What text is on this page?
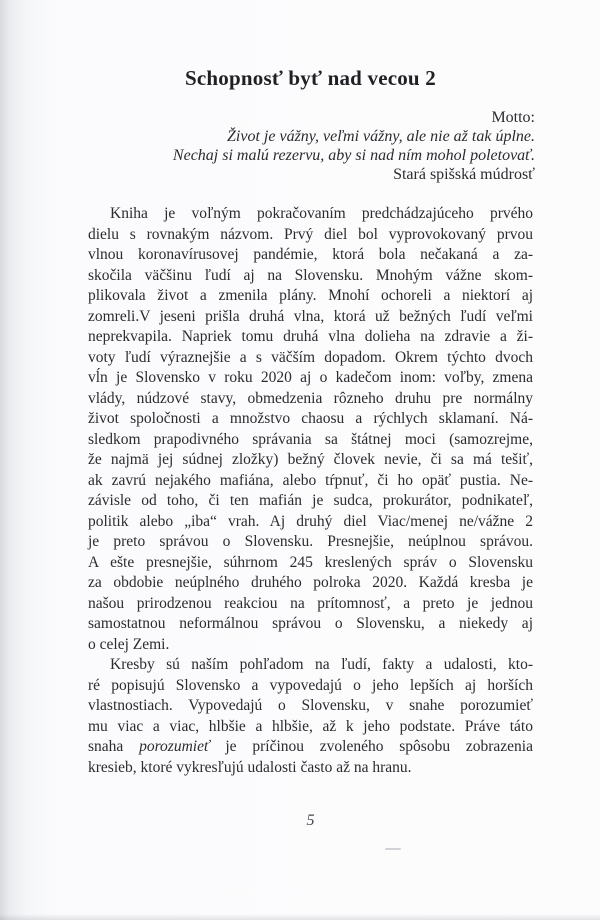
Schopnosť byť nad vecou 2
Motto:
Život je vážny, veľmi vážny, ale nie až tak úplne.
Nechaj si malú rezervu, aby si nad ním mohol poletovať.
Stará spišská múdrosť
Kniha je voľným pokračovaním predchádzajúceho prvého
dielu s rovnakým názvom. Prvý diel bol vyprovokovaný prvou
vlnou koronavírusovej pandémie, ktorá bola nečakaná a za-
skočila väčšinu ľudí aj na Slovensku. Mnohým vážne skom-
plikovala život a zmenila plány. Mnohí ochoreli a niektorí aj
zomreli.V jeseni prišla druhá vlna, ktorá už bežných ľudí veľmi
neprekvapila. Napriek tomu druhá vlna dolieha na zdravie a ži-
voty ľudí výraznejšie a s väčším dopadom. Okrem týchto dvoch
vĺn je Slovensko v roku 2020 aj o kadečom inom: voľby, zmena
vlády, núdzové stavy, obmedzenia rôzneho druhu pre normálny
život spoločnosti a množstvo chaosu a rýchlych sklamaní. Ná-
sledkom prapodivného správania sa štátnej moci (samozrejme,
že najmä jej súdnej zložky) bežný človek nevie, či sa má tešiť,
ak zavrú nejakého mafiána, alebo tŕpnuť, či ho opäť pustia. Ne-
závisle od toho, či ten mafián je sudca, prokurátor, podnikateľ,
politik alebo „iba“ vrah. Aj druhý diel Viac/menej ne/vážne 2
je preto správou o Slovensku. Presnejšie, neúplnou správou.
A ešte presnejšie, súhrnom 245 kreslených správ o Slovensku
za obdobie neúplného druhého polroka 2020. Každá kresba je
našou prirodzenou reakciou na prítomnosť, a preto je jednou
samostatnou neformálnou správou o Slovensku, a niekedy aj
o celej Zemi.
Kresby sú naším pohľadom na ľudí, fakty a udalosti, kto-
ré popisujú Slovensko a vypovedajú o jeho lepších aj horších
vlastnostiach. Vypovedajú o Slovensku, v snahe porozumieť
mu viac a viac, hlbšie a hlbšie, až k jeho podstate. Práve táto
snaha porozumieť je príčinou zvoleného spôsobu zobrazenia
kresieb, ktoré vykresľujú udalosti často až na hranu.
5
